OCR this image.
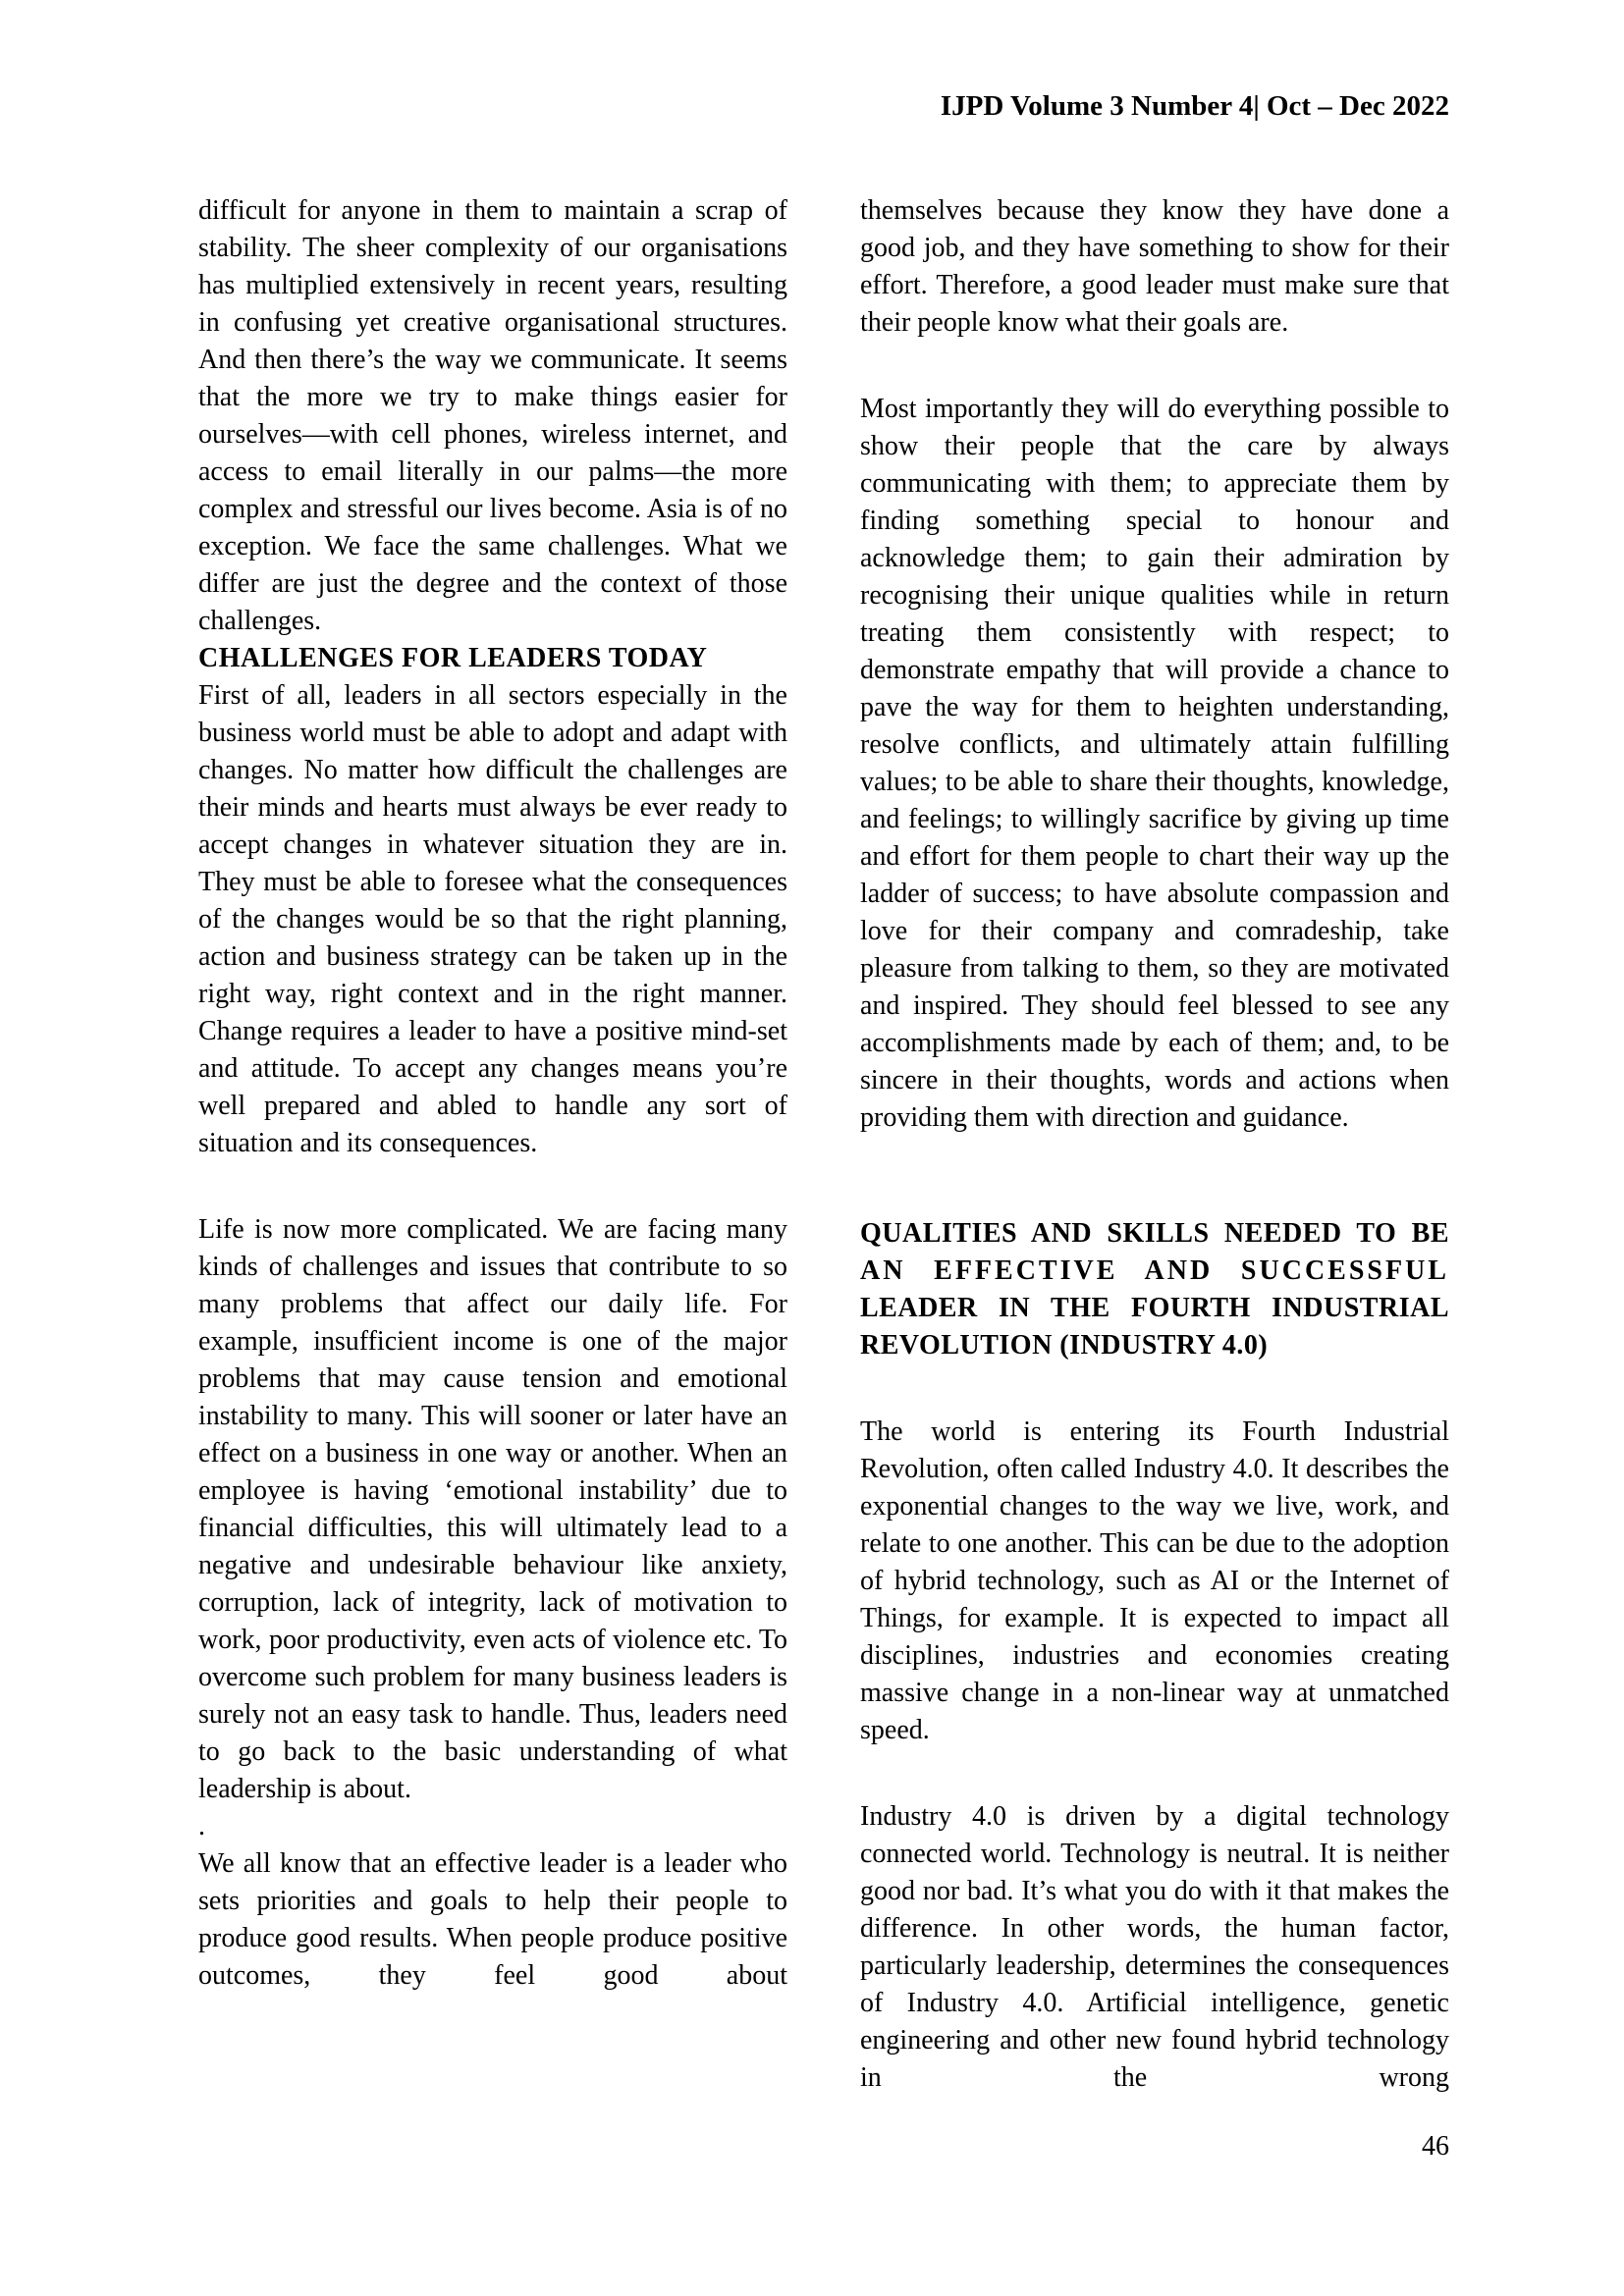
IJPD Volume 3 Number 4| Oct – Dec 2022

difficult for anyone in them to maintain a scrap of stability. The sheer complexity of our organisations has multiplied extensively in recent years, resulting in confusing yet creative organisational structures. And then there’s the way we communicate. It seems that the more we try to make things easier for ourselves—with cell phones, wireless internet, and access to email literally in our palms—the more complex and stressful our lives become. Asia is of no exception. We face the same challenges. What we differ are just the degree and the context of those challenges.

CHALLENGES FOR LEADERS TODAY

First of all, leaders in all sectors especially in the business world must be able to adopt and adapt with changes. No matter how difficult the challenges are their minds and hearts must always be ever ready to accept changes in whatever situation they are in. They must be able to foresee what the consequences of the changes would be so that the right planning, action and business strategy can be taken up in the right way, right context and in the right manner. Change requires a leader to have a positive mind-set and attitude. To accept any changes means you’re well prepared and abled to handle any sort of situation and its consequences.

Life is now more complicated. We are facing many kinds of challenges and issues that contribute to so many problems that affect our daily life. For example, insufficient income is one of the major problems that may cause tension and emotional instability to many. This will sooner or later have an effect on a business in one way or another. When an employee is having ‘emotional instability’ due to financial difficulties, this will ultimately lead to a negative and undesirable behaviour like anxiety, corruption, lack of integrity, lack of motivation to work, poor productivity, even acts of violence etc. To overcome such problem for many business leaders is surely not an easy task to handle. Thus, leaders need to go back to the basic understanding of what leadership is about.

.

We all know that an effective leader is a leader who sets priorities and goals to help their people to produce good results. When people produce positive outcomes, they feel good about

themselves because they know they have done a good job, and they have something to show for their effort. Therefore, a good leader must make sure that their people know what their goals are.

Most importantly they will do everything possible to show their people that the care by always communicating with them; to appreciate them by finding something special to honour and acknowledge them; to gain their admiration by recognising their unique qualities while in return treating them consistently with respect; to demonstrate empathy that will provide a chance to pave the way for them to heighten understanding, resolve conflicts, and ultimately attain fulfilling values; to be able to share their thoughts, knowledge, and feelings; to willingly sacrifice by giving up time and effort for them people to chart their way up the ladder of success; to have absolute compassion and love for their company and comradeship, take pleasure from talking to them, so they are motivated and inspired. They should feel blessed to see any accomplishments made by each of them; and, to be sincere in their thoughts, words and actions when providing them with direction and guidance.

QUALITIES AND SKILLS NEEDED TO BE
AN EFFECTIVE AND SUCCESSFUL
LEADER IN THE FOURTH INDUSTRIAL
REVOLUTION (INDUSTRY 4.0)

The world is entering its Fourth Industrial Revolution, often called Industry 4.0. It describes the exponential changes to the way we live, work, and relate to one another. This can be due to the adoption of hybrid technology, such as AI or the Internet of Things, for example. It is expected to impact all disciplines, industries and economies creating massive change in a non-linear way at unmatched speed.

Industry 4.0 is driven by a digital technology connected world. Technology is neutral. It is neither good nor bad. It’s what you do with it that makes the difference. In other words, the human factor, particularly leadership, determines the consequences of Industry 4.0. Artificial intelligence, genetic engineering and other new found hybrid technology in the wrong

46
